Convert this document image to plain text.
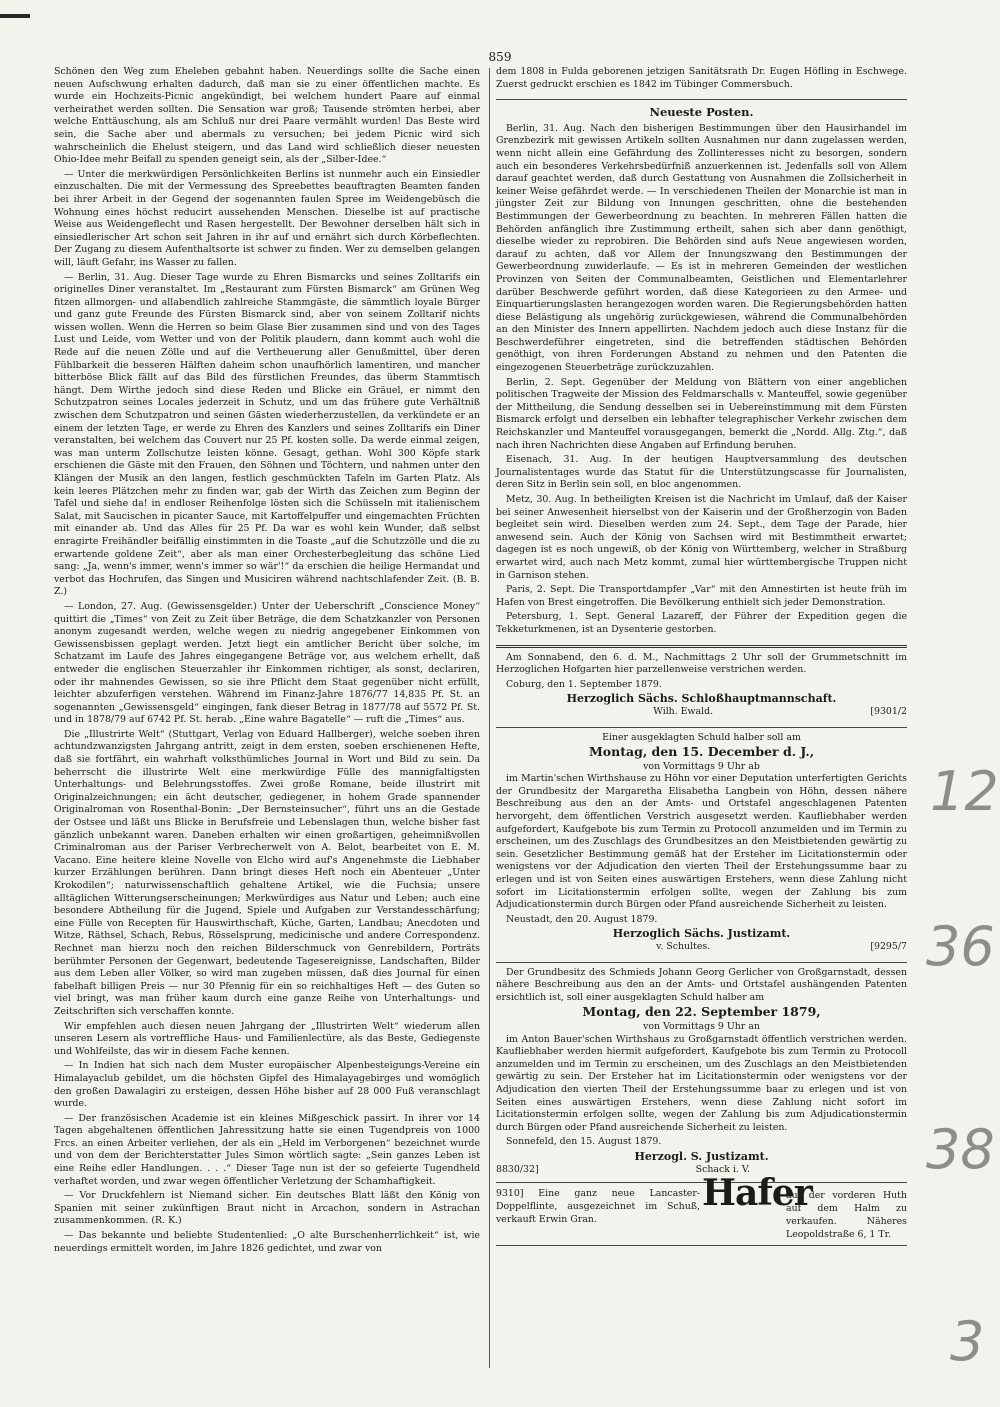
859

Schönen den Weg zum Eheleben gebahnt haben. Neuerdings sollte die Sache einen neuen Aufschwung erhalten dadurch, daß man sie zu einer öffentlichen machte. Es wurde ein Hochzeits-Picnic angekündigt, bei welchem hundert Paare auf einmal verheirathet werden sollten. Die Sensation war groß; Tausende strömten herbei, aber welche Enttäuschung, als am Schluß nur drei Paare vermählt wurden! Das Beste wird sein, die Sache aber und abermals zu versuchen; bei jedem Picnic wird sich wahrscheinlich die Ehelust steigern, und das Land wird schließlich dieser neuesten Ohio-Idee mehr Beifall zu spenden geneigt sein, als der „Silber-Idee.“

— Unter die merkwürdigen Persönlichkeiten Berlins ist nunmehr auch ein Einsiedler einzuschalten. Die mit der Vermessung des Spreebettes beauftragten Beamten fanden bei ihrer Arbeit in der Gegend der sogenannten faulen Spree im Weidengebüsch die Wohnung eines höchst reducirt aussehenden Menschen. Dieselbe ist auf practische Weise aus Weidengeflecht und Rasen hergestellt. Der Bewohner derselben hält sich in einsiedlerischer Art schon seit Jahren in ihr auf und ernährt sich durch Körbeflechten. Der Zugang zu diesem Aufenthaltsorte ist schwer zu finden. Wer zu demselben gelangen will, läuft Gefahr, ins Wasser zu fallen.

— Berlin, 31. Aug. Dieser Tage wurde zu Ehren Bismarcks und seines Zolltarifs ein originelles Diner veranstaltet. Im „Restaurant zum Fürsten Bismarck“ am Grünen Weg fitzen allmorgen- und allabendlich zahlreiche Stammgäste, die sämmtlich loyale Bürger und ganz gute Freunde des Fürsten Bismarck sind, aber von seinem Zolltarif nichts wissen wollen. Wenn die Herren so beim Glase Bier zusammen sind und von des Tages Lust und Leide, vom Wetter und von der Politik plaudern, dann kommt auch wohl die Rede auf die neuen Zölle und auf die Vertheuerung aller Genußmittel, über deren Fühlbarkeit die besseren Hälften daheim schon unaufhörlich lamentiren, und mancher bitterböse Blick fällt auf das Bild des fürstlichen Freundes, das überm Stammtisch hängt. Dem Wirthe jedoch sind diese Reden und Blicke ein Gräuel, er nimmt den Schutzpatron seines Locales jederzeit in Schutz, und um das frühere gute Verhältniß zwischen dem Schutzpatron und seinen Gästen wiederherzustellen, da verkündete er an einem der letzten Tage, er werde zu Ehren des Kanzlers und seines Zolltarifs ein Diner veranstalten, bei welchem das Couvert nur 25 Pf. kosten solle. Da werde einmal zeigen, was man unterm Zollschutze leisten könne. Gesagt, gethan. Wohl 300 Köpfe stark erschienen die Gäste mit den Frauen, den Söhnen und Töchtern, und nahmen unter den Klängen der Musik an den langen, festlich geschmückten Tafeln im Garten Platz. Als kein leeres Plätzchen mehr zu finden war, gab der Wirth das Zeichen zum Beginn der Tafel und siehe da! in endloser Reihenfolge lösten sich die Schüsseln mit italienischem Salat, mit Saucischen in picanter Sauce, mit Kartoffelpuffer und eingemachten Früchten mit einander ab. Und das Alles für 25 Pf. Da war es wohl kein Wunder, daß selbst enragirte Freihändler beifällig einstimmten in die Toaste „auf die Schutzzölle und die zu erwartende goldene Zeit“, aber als man einer Orchesterbegleitung das schöne Lied sang: „Ja, wenn's immer, wenn's immer so wär'!“ da erschien die heilige Hermandat und verbot das Hochrufen, das Singen und Musiciren während nachtschlafender Zeit. (B. B. Z.)

— London, 27. Aug. (Gewissensgelder.) Unter der Ueberschrift „Conscience Money“ quittirt die „Times“ von Zeit zu Zeit über Beträge, die dem Schatzkanzler von Personen anonym zugesandt werden, welche wegen zu niedrig angegebener Einkommen von Gewissensbissen geplagt werden. Jetzt liegt ein amtlicher Bericht über solche, im Schatzamt im Laufe des Jahres eingegangene Beträge vor, aus welchem erhellt, daß entweder die englischen Steuerzahler ihr Einkommen richtiger, als sonst, declariren, oder ihr mahnendes Gewissen, so sie ihre Pflicht dem Staat gegenüber nicht erfüllt, leichter abzuferfigen verstehen. Während im Finanz-Jahre 1876/77 14,835 Pf. St. an sogenannten „Gewissensgeld“ eingingen, fank dieser Betrag in 1877/78 auf 5572 Pf. St. und in 1878/79 auf 6742 Pf. St. herab. „Eine wahre Bagatelle“ — ruft die „Times“ aus.

Die „Illustrirte Welt“ (Stuttgart, Verlag von Eduard Hallberger), welche soeben ihren achtundzwanzigsten Jahrgang antritt, zeigt in dem ersten, soeben erschienenen Hefte, daß sie fortfährt, ein wahrhaft volksthümliches Journal in Wort und Bild zu sein. Da beherrscht die illustrirte Welt eine merkwürdige Fülle des mannigfaltigsten Unterhaltungs- und Belehrungsstoffes. Zwei große Romane, beide illustrirt mit Originalzeichnungen; ein ächt deutscher, gediegener, in hohem Grade spannender Originalroman von Rosenthal-Bonin: „Der Bernsteinsucher“, führt uns an die Gestade der Ostsee und läßt uns Blicke in Berufsfreie und Lebenslagen thun, welche bisher fast gänzlich unbekannt waren. Daneben erhalten wir einen großartigen, geheimnißvollen Criminalroman aus der Pariser Verbrecherwelt von A. Belot, bearbeitet von E. M. Vacano. Eine heitere kleine Novelle von Elcho wird auf's Angenehmste die Liebhaber kurzer Erzählungen berühren. Dann bringt dieses Heft noch ein Abenteuer „Unter Krokodilen“; naturwissenschaftlich gehaltene Artikel, wie die Fuchsia; unsere alltäglichen Witterungserscheinungen; Merkwürdiges aus Natur und Leben; auch eine besondere Abtheilung für die Jugend, Spiele und Aufgaben zur Verstandesschärfung; eine Fülle von Recepten für Hauswirthschaft, Küche, Garten, Landbau; Anecdoten und Witze, Räthsel, Schach, Rebus, Rösselsprung, medicinische und andere Correspondenz. Rechnet man hierzu noch den reichen Bilderschmuck von Genrebildern, Porträts berühmter Personen der Gegenwart, bedeutende Tagesereignisse, Landschaften, Bilder aus dem Leben aller Völker, so wird man zugeben müssen, daß dies Journal für einen fabelhaft billigen Preis — nur 30 Pfennig für ein so reichhaltiges Heft — des Guten so viel bringt, was man früher kaum durch eine ganze Reihe von Unterhaltungs- und Zeitschriften sich verschaffen konnte.

Wir empfehlen auch diesen neuen Jahrgang der „Illustrirten Welt“ wiederum allen unseren Lesern als vortreffliche Haus- und Familienlectüre, als das Beste, Gediegenste und Wohlfeilste, das wir in diesem Fache kennen.

— In Indien hat sich nach dem Muster europäischer Alpenbesteigungs-Vereine ein Himalayaclub gebildet, um die höchsten Gipfel des Himalayagebirges und womöglich den großen Dawalagiri zu ersteigen, dessen Höhe bisher auf 28 000 Fuß veranschlagt wurde.

— Der französischen Academie ist ein kleines Mißgeschick passirt. In ihrer vor 14 Tagen abgehaltenen öffentlichen Jahressitzung hatte sie einen Tugendpreis von 1000 Frcs. an einen Arbeiter verliehen, der als ein „Held im Verborgenen“ bezeichnet wurde und von dem der Berichterstatter Jules Simon wörtlich sagte: „Sein ganzes Leben ist eine Reihe edler Handlungen. . . .“ Dieser Tage nun ist der so gefeierte Tugendheld verhaftet worden, und zwar wegen öffentlicher Verletzung der Schamhaftigkeit.

— Vor Druckfehlern ist Niemand sicher. Ein deutsches Blatt läßt den König von Spanien mit seiner zukünftigen Braut nicht in Arcachon, sondern in Astrachan zusammenkommen. (R. K.)

— Das bekannte und beliebte Studentenlied: „O alte Burschenherrlichkeit“ ist, wie neuerdings ermittelt worden, im Jahre 1826 gedichtet, und zwar von

dem 1808 in Fulda geborenen jetzigen Sanitätsrath Dr. Eugen Höfling in Eschwege. Zuerst gedruckt erschien es 1842 im Tübinger Commersbuch.

Neueste Posten.

Berlin, 31. Aug. Nach den bisherigen Bestimmungen über den Hausirhandel im Grenzbezirk mit gewissen Artikeln sollten Ausnahmen nur dann zugelassen werden, wenn nicht allein eine Gefährdung des Zollinteresses nicht zu besorgen, sondern auch ein besonderes Verkehrsbedürfniß anzuerkennen ist. Jedenfalls soll von Allem darauf geachtet werden, daß durch Gestattung von Ausnahmen die Zollsicherheit in keiner Weise gefährdet werde. — In verschiedenen Theilen der Monarchie ist man in jüngster Zeit zur Bildung von Innungen geschritten, ohne die bestehenden Bestimmungen der Gewerbeordnung zu beachten. In mehreren Fällen hatten die Behörden anfänglich ihre Zustimmung ertheilt, sahen sich aber dann genöthigt, dieselbe wieder zu reprobiren. Die Behörden sind aufs Neue angewiesen worden, darauf zu achten, daß vor Allem der Innungszwang den Bestimmungen der Gewerbeordnung zuwiderlaufe. — Es ist in mehreren Gemeinden der westlichen Provinzen von Seiten der Communalbeamten, Geistlichen und Elementarlehrer darüber Beschwerde geführt worden, daß diese Kategorieen zu den Armee- und Einquartierungslasten herangezogen worden waren. Die Regierungsbehörden hatten diese Belästigung als ungehörig zurückgewiesen, während die Communalbehörden an den Minister des Innern appellirten. Nachdem jedoch auch diese Instanz für die Beschwerdeführer eingetreten, sind die betreffenden städtischen Behörden genöthigt, von ihren Forderungen Abstand zu nehmen und den Patenten die eingezogenen Steuerbeträge zurückzuzahlen.

Berlin, 2. Sept. Gegenüber der Meldung von Blättern von einer angeblichen politischen Tragweite der Mission des Feldmarschalls v. Manteuffel, sowie gegenüber der Mittheilung, die Sendung desselben sei in Uebereinstimmung mit dem Fürsten Bismarck erfolgt und derselben ein lebhafter telegraphischer Verkehr zwischen dem Reichskanzler und Manteuffel vorausgegangen, bemerkt die „Nordd. Allg. Ztg.“, daß nach ihren Nachrichten diese Angaben auf Erfindung beruhen.

Eisenach, 31. Aug. In der heutigen Hauptversammlung des deutschen Journalistentages wurde das Statut für die Unterstützungscasse für Journalisten, deren Sitz in Berlin sein soll, en bloc angenommen.

Metz, 30. Aug. In betheiligten Kreisen ist die Nachricht im Umlauf, daß der Kaiser bei seiner Anwesenheit hierselbst von der Kaiserin und der Großherzogin von Baden begleitet sein wird. Dieselben werden zum 24. Sept., dem Tage der Parade, hier anwesend sein. Auch der König von Sachsen wird mit Bestimmtheit erwartet; dagegen ist es noch ungewiß, ob der König von Württemberg, welcher in Straßburg erwartet wird, auch nach Metz kommt, zumal hier württembergische Truppen nicht in Garnison stehen.

Paris, 2. Sept. Die Transportdampfer „Var“ mit den Amnestirten ist heute früh im Hafen von Brest eingetroffen. Die Bevölkerung enthielt sich jeder Demonstration.

Petersburg, 1. Sept. General Lazareff, der Führer der Expedition gegen die Tekketurkmenen, ist an Dysenterie gestorben.

Am Sonnabend, den 6. d. M., Nachmittags 2 Uhr soll der Grummetschnitt im Herzoglichen Hofgarten hier parzellenweise verstrichen werden.

Coburg, den 1. September 1879.

Herzoglich Sächs. Schloßhauptmannschaft.
Wilh. Ewald.	[9301/2
Einer ausgeklagten Schuld halber soll am
Montag, den 15. December d. J.,
von Vormittags 9 Uhr ab

im Martin'schen Wirthshause zu Höhn vor einer Deputation unterfertigten Gerichts der Grundbesitz der Margaretha Elisabetha Langbein von Höhn, dessen nähere Beschreibung aus den an der Amts- und Ortstafel angeschlagenen Patenten hervorgeht, dem öffentlichen Verstrich ausgesetzt werden. Kaufliebhaber werden aufgefordert, Kaufgebote bis zum Termin zu Protocoll anzumelden und im Termin zu erscheinen, um des Zuschlags des Grundbesitzes an den Meistbietenden gewärtig zu sein. Gesetzlicher Bestimmung gemäß hat der Ersteher im Licitationstermin oder wenigstens vor der Adjudication den vierten Theil der Erstehungssumme baar zu erlegen und ist von Seiten eines auswärtigen Erstehers, wenn diese Zahlung nicht sofort im Licitationstermin erfolgen sollte, wegen der Zahlung bis zum Adjudicationstermin durch Bürgen oder Pfand ausreichende Sicherheit zu leisten.

Neustadt, den 20. August 1879.

Herzoglich Sächs. Justizamt.
v. Schultes.	[9295/7

Der Grundbesitz des Schmieds Johann Georg Gerlicher von Großgarnstadt, dessen nähere Beschreibung aus den an der Amts- und Ortstafel aushängenden Patenten ersichtlich ist, soll einer ausgeklagten Schuld halber am

Montag, den 22. September 1879,
von Vormittags 9 Uhr an

im Anton Bauer'schen Wirthshaus zu Großgarnstadt öffentlich verstrichen werden. Kaufliebhaber werden hiermit aufgefordert, Kaufgebote bis zum Termin zu Protocoll anzumelden und im Termin zu erscheinen, um des Zuschlags an den Meistbietenden gewärtig zu sein. Der Ersteher hat im Licitationstermin oder wenigstens vor der Adjudication den vierten Theil der Erstehungssumme baar zu erlegen und ist von Seiten eines auswärtigen Erstehers, wenn diese Zahlung nicht sofort im Licitationstermin erfolgen sollte, wegen der Zahlung bis zum Adjudicationstermin durch Bürgen oder Pfand ausreichende Sicherheit zu leisten.

Sonnefeld, den 15. August 1879.

Herzogl. S. Justizamt.
8830/32]	Schack i. V.
9310] Eine ganz neue Lancaster-Doppelflinte, ausgezeichnet im Schuß, verkauft Erwin Gran.
Hafer
auf der vorderen Huth auf dem Halm zu verkaufen. Näheres Leopoldstraße 6, 1 Tr.
12
36
38
3
